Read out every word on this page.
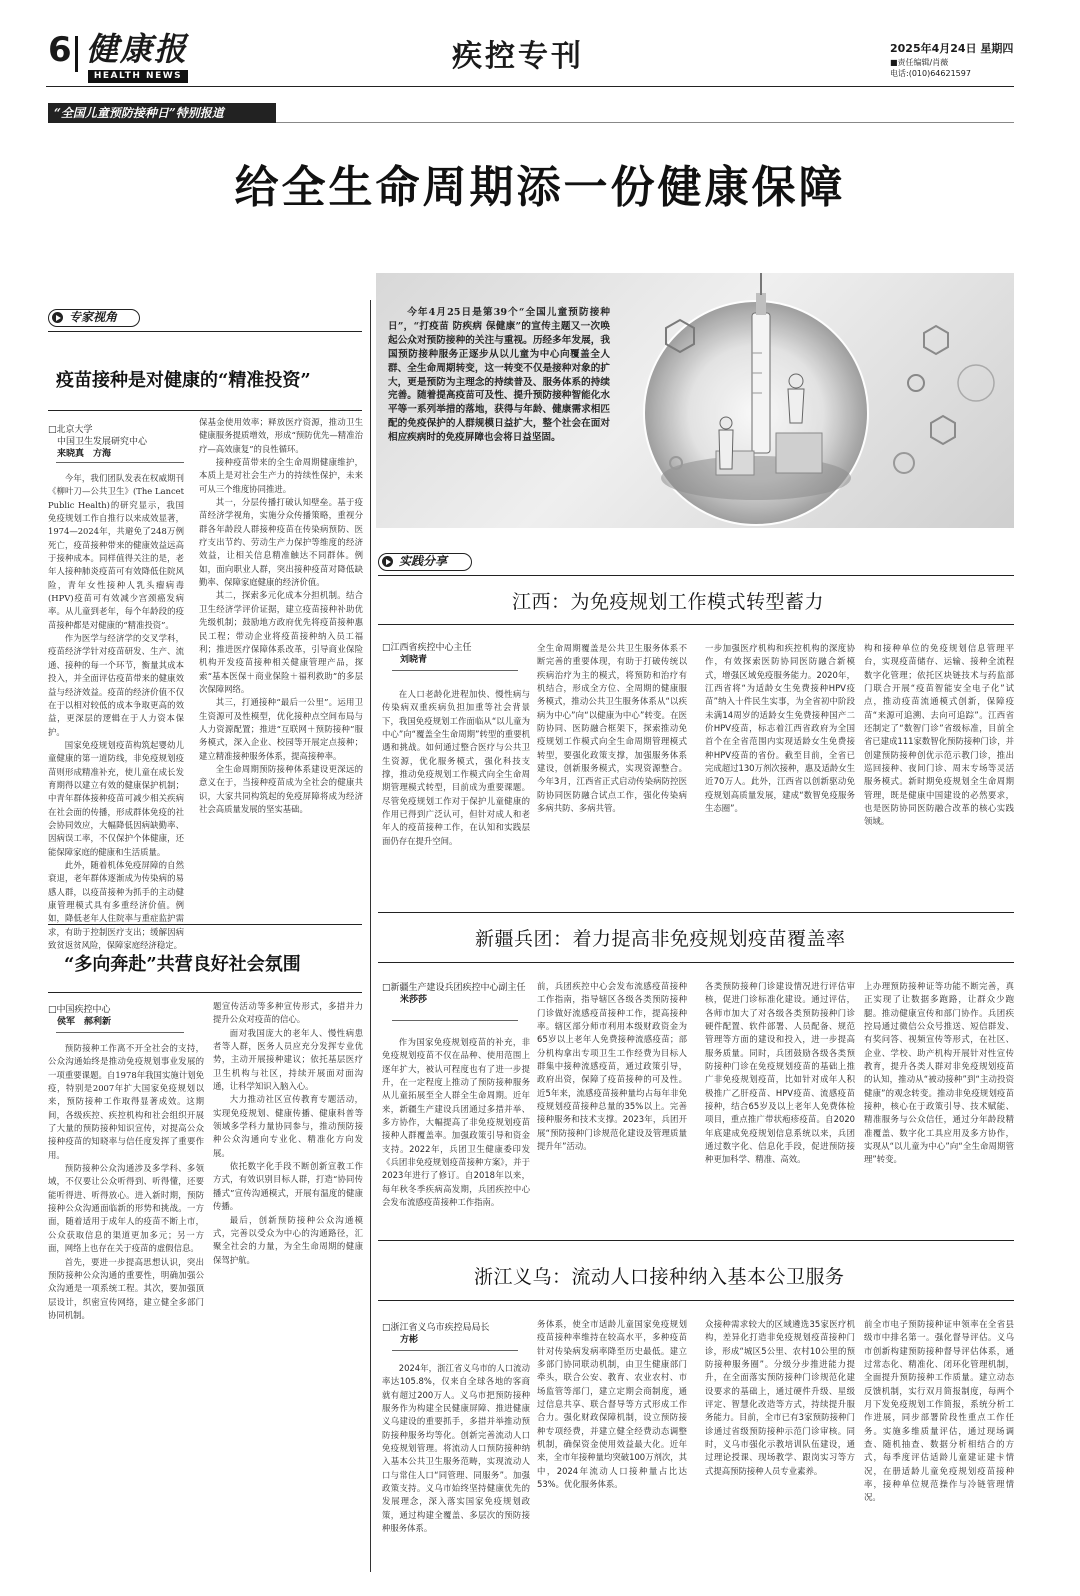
6 健康报
HEALTH NEWS
疾控专刊	2025年4月24日 星期四
■责任编辑/肖薇
电话:(010)64621597
“全国儿童预防接种日”特别报道
给全生命周期添一份健康保障
今年4月25日是第39个“全国儿童预防接种日”，“打疫苗 防疾病 保健康”的宣传主题又一次唤起公众对预防接种的关注与重视。历经多年发展，我国预防接种服务正逐步从以儿童为中心向覆盖全人群、全生命周期转变，这一转变不仅是接种对象的扩大，更是预防为主理念的持续普及、服务体系的持续完善。随着提高疫苗可及性、提升预防接种智能化水平等一系列举措的落地，获得与年龄、健康需求相匹配的免疫保护的人群规模日益扩大，整个社会在面对相应疾病时的免疫屏障也会将日益坚固。
专家视角
疫苗接种是对健康的“精准投资”
□北京大学
中国卫生发展研究中心
来晓真　方海

今年，我们团队发表在权威期刊《柳叶刀—公共卫生》(The Lancet Public Health)的研究显示，我国免疫规划工作自推行以来成效显著，1974—2024年，共避免了248万例死亡，疫苗接种带来的健康效益远高于接种成本。同样值得关注的是，老年人接种肺炎疫苗可有效降低住院风险，青年女性接种人乳头瘤病毒(HPV)疫苗可有效减少宫颈癌发病率。从儿童到老年，每个年龄段的疫苗接种都是对健康的“精准投资”。

作为医学与经济学的交叉学科，疫苗经济学针对疫苗研发、生产、流通、接种的每一个环节，衡量其成本投入，并全面评估疫苗带来的健康效益与经济效益。疫苗的经济价值不仅在于以相对较低的成本争取更高的效益，更深层的逻辑在于人力资本保护。

国家免疫规划疫苗构筑起婴幼儿童健康的第一道防线，非免疫规划疫苗则形成精准补充，使儿童在成长发育期得以建立有效的健康保护机制；中青年群体接种疫苗可减少相关疾病在社会面的传播，形成群体免疫的社会协同效应，大幅降低因病缺勤率、因病误工率，不仅保护个体健康，还能保障家庭的健康和生活质量。

此外，随着机体免疫屏障的自然衰退，老年群体逐渐成为传染病的易感人群，以疫苗接种为抓手的主动健康管理模式具有多重经济价值。例如，降低老年人住院率与重症监护需求，有助于控制医疗支出；缓解因病致贫返贫风险，保障家庭经济稳定。

保基金使用效率；释放医疗资源，推动卫生健康服务提质增效，形成“预防优先—精准治疗—高效康复”的良性循环。

接种疫苗带来的全生命周期健康维护，本质上是对社会生产力的持续性保护，未来可从三个维度协同推进。

其一，分层传播打破认知壁垒。基于疫苗经济学视角，实施分众传播策略，重视分群各年龄段人群接种疫苗在传染病预防、医疗支出节约、劳动生产力保护等维度的经济效益，让相关信息精准触达不同群体。例如，面向职业人群，突出接种疫苗对降低缺勤率、保障家庭健康的经济价值。

其二，探索多元化成本分担机制。结合卫生经济学评价证据，建立疫苗接种补助优先级机制；鼓励地方政府优先将疫苗接种惠民工程；带动企业将疫苗接种纳入员工福利；推进医疗保障体系改革，引导商业保险机构开发疫苗接种相关健康管理产品，探索“基本医保＋商业保险＋福利救助”的多层次保障网络。

其三，打通接种“最后一公里”。运用卫生资源可及性模型，优化接种点空间布局与人力资源配置；推进“互联网＋预防接种”服务模式，深入企业、校园等开展定点接种；建立精准接种服务体系，提高接种率。

全生命周期预防接种体系建设更深远的意义在于，当接种疫苗成为全社会的健康共识，大家共同构筑起的免疫屏障将成为经济社会高质量发展的坚实基础。

“多向奔赴”共营良好社会氛围
□中国疾控中心
侯军　郝利新

预防接种工作离不开全社会的支持，公众沟通始终是推动免疫规划事业发展的一项重要课题。自1978年我国实施计划免疫，特别是2007年扩大国家免疫规划以来，预防接种工作取得显著成效。这期间，各级疾控、疾控机构和社会组织开展了大量的预防接种知识宣传，对提高公众接种疫苗的知晓率与信任度发挥了重要作用。

预防接种公众沟通涉及多学科、多领域，不仅要让公众听得到、听得懂，还要能听得进、听得放心。进入新时期，预防接种公众沟通面临新的形势和挑战。一方面，随着适用于成年人的疫苗不断上市，公众获取信息的渠道更加多元；另一方面，网络上也存在关于疫苗的虚假信息。

首先，要进一步提高思想认识，突出预防接种公众沟通的重要性，明确加强公众沟通是一项系统工程。其次，要加强顶层设计，织密宣传网络，建立健全多部门协同机制。

题宣传活动等多种宣传形式，多措并力提升公众对疫苗的信心。

面对我国庞大的老年人、慢性病患者等人群，医务人员应充分发挥专业优势，主动开展接种建议；依托基层医疗卫生机构与社区，持续开展面对面沟通，让科学知识入脑入心。

大力推动社区宣传教育专题活动，实现免疫规划、健康传播、健康科普等领域多学科力量协同参与，推动预防接种公众沟通向专业化、精准化方向发展。

依托数字化手段不断创新宣教工作方式，有效识别目标人群，打造“协同传播式”宣传沟通模式，开展有温度的健康传播。

最后，创新预防接种公众沟通模式，完善以受众为中心的沟通路径，汇聚全社会的力量，为全生命周期的健康保驾护航。

实践分享
江西：为免疫规划工作模式转型蓄力
□江西省疾控中心主任
刘晓青

在人口老龄化进程加快、慢性病与传染病双重疾病负担加重等社会背景下，我国免疫规划工作面临从“以儿童为中心”向“覆盖全生命周期”转型的重要机遇和挑战。如何通过整合医疗与公共卫生资源，优化服务模式，强化科技支撑，推动免疫规划工作模式向全生命周期管理模式转型，目前成为重要课题。尽管免疫规划工作对于保护儿童健康的作用已得到广泛认可，但针对成人和老年人的疫苗接种工作，在认知和实践层面仍存在提升空间。

全生命周期覆盖是公共卫生服务体系不断完善的重要体现，有助于打破传统以疾病治疗为主的模式，将预防和治疗有机结合，形成全方位、全周期的健康服务模式，推动公共卫生服务体系从“以疾病为中心”向“以健康为中心”转变。在医防协同、医防融合框架下，探索推动免疫规划工作模式向全生命周期管理模式转型，要强化政策支撑，加强服务体系建设，创新服务模式，实现资源整合。今年3月，江西省正式启动传染病防控医防协同医防融合试点工作，强化传染病多病共防、多病共管。

一步加强医疗机构和疾控机构的深度协作，有效探索医防协同医防融合新模式，增强区域免疫服务能力。2020年，江西省将“为适龄女生免费接种HPV疫苗”纳入十件民生实事，为全省初中阶段未满14周岁的适龄女生免费接种国产二价HPV疫苗，标志着江西省政府为全国首个在全省范围内实现适龄女生免费接种HPV疫苗的省份。截至目前，全省已完成超过130万剂次接种，惠及适龄女生近70万人。此外，江西省以创新驱动免疫规划高质量发展，建成“数智免疫服务生态圈”。

构和接种单位的免疫规划信息管理平台，实现疫苗储存、运输、接种全流程数字化管理；依托区块链技术与药监部门联合开展“疫苗智能安全电子化”试点，推动疫苗流通模式创新，保障疫苗“来源可追溯、去向可追踪”。江西省还制定了“数智门诊”省级标准，目前全省已建成111家数智化预防接种门诊，并创建预防接种创优示范示教门诊，推出巡回接种、夜间门诊、周末专场等灵活服务模式。新时期免疫规划全生命周期管理，既是健康中国建设的必然要求，也是医防协同医防融合改革的核心实践领域。

新疆兵团：着力提高非免疫规划疫苗覆盖率
□新疆生产建设兵团疾控中心副主任
米莎莎

作为国家免疫规划疫苗的补充，非免疫规划疫苗不仅在品种、使用范围上逐年扩大，被认可程度也有了进一步提升，在一定程度上推动了预防接种服务从儿童拓展至全人群全生命周期。近年来，新疆生产建设兵团通过多措并举、多方协作，大幅提高了非免疫规划疫苗接种人群覆盖率。加强政策引导和资金支持。2022年，兵团卫生健康委印发《兵团非免疫规划疫苗接种方案》，并于2023年进行了修订。自2018年以来，每年秋冬季疾病高发期，兵团疾控中心会发布流感疫苗接种工作指南。

前，兵团疾控中心会发布流感疫苗接种工作指南，指导辖区各级各类预防接种门诊做好流感疫苗接种工作，提高接种率。辖区部分师市利用本级财政资金为65岁以上老年人免费接种流感疫苗；部分机构拿出专项卫生工作经费为目标人群集中接种流感疫苗，通过政策引导，政府出资，保障了疫苗接种的可及性。近5年来，流感疫苗接种量均占每年非免疫规划疫苗接种总量的35%以上。完善接种服务和技术支撑。2023年，兵团开展“预防接种门诊规范化建设及管理质量提升年”活动。

各类预防接种门诊建设情况进行评估审核，促进门诊标准化建设。通过评估，各师市加大了对各级各类预防接种门诊硬件配置、软件部署、人员配备、规范管理等方面的建设和投入，进一步提高服务质量。同时，兵团鼓励各级各类预防接种门诊在免疫规划疫苗的基础上推广非免疫规划疫苗，比如针对成年人积极推广乙肝疫苗、HPV疫苗、流感疫苗接种，结合65岁及以上老年人免费体检项目，重点推广带状疱疹疫苗。自2020年底建成免疫规划信息系统以来，兵团通过数字化、信息化手段，促进预防接种更加科学、精准、高效。

上办理预防接种证等功能不断完善，真正实现了让数据多跑路，让群众少跑腿。推动健康宣传和部门协作。兵团疾控局通过微信公众号推送、短信群发、有奖问答、视频宣传等形式，在社区、企业、学校、助产机构开展针对性宣传教育，提升各类人群对非免疫规划疫苗的认知，推动从“被动接种”到“主动投资健康”的观念转变。推动非免疫规划疫苗接种，核心在于政策引导、技术赋能、精准服务与公众信任，通过分年龄段精准覆盖、数字化工具应用及多方协作，实现从“以儿童为中心”向“全生命周期管理”转变。

浙江义乌：流动人口接种纳入基本公卫服务
□浙江省义乌市疾控局局长
方彬

2024年，浙江省义乌市的人口流动率达105.8%，仅来自全球各地的客商就有超过200万人。义乌市把预防接种服务作为构建全民健康屏障、推进健康义乌建设的重要抓手，多措并举推动预防接种服务均等化。创新完善流动人口免疫规划管理。将流动人口预防接种纳入基本公共卫生服务范畴，实现流动人口与常住人口“同管理、同服务”。加强政策支持。义乌市始终坚持健康优先的发展理念，深入落实国家免疫规划政策，通过构建全覆盖、多层次的预防接种服务体系。

务体系，使全市适龄儿童国家免疫规划疫苗接种率维持在较高水平，多种疫苗针对传染病发病率降至历史最低。建立多部门协同联动机制，由卫生健康部门牵头，联合公安、教育、农业农村、市场监管等部门，建立定期会商制度，通过信息共享、联合督导等方式形成工作合力。强化财政保障机制，设立预防接种专项经费，并建立健全经费动态调整机制，确保资金使用效益最大化。近年来，全市年接种量均突破100万剂次，其中，2024年流动人口接种量占比达53%。优化服务体系。

众接种需求较大的区域遴选35家医疗机构，差异化打造非免疫规划疫苗接种门诊，形成“城区5公里、农村10公里的预防接种服务圈”。分级分步推进能力提升，在全面落实预防接种门诊规范化建设要求的基础上，通过硬件升级、星级评定、智慧化改造等方式，持续提升服务能力。目前，全市已有3家预防接种门诊通过省级预防接种示范门诊审核。同时，义乌市强化示教培训队伍建设，通过理论授课、现场教学、跟岗实习等方式提高预防接种人员专业素养。

前全市电子预防接种证申领率在全省县级市中排名第一。强化督导评估。义乌市创新构建预防接种督导评估体系，通过常态化、精准化、闭环化管理机制，全面提升预防接种工作质量。建立动态反馈机制，实行双月简报制度，每两个月下发免疫规划工作简报，系统分析工作进展，同步部署阶段性重点工作任务。实施多维质量评估，通过现场调查、随机抽查、数据分析相结合的方式，每季度评估适龄儿童建证建卡情况，在册适龄儿童免疫规划疫苗接种率，接种单位规范操作与冷链管理情况。
